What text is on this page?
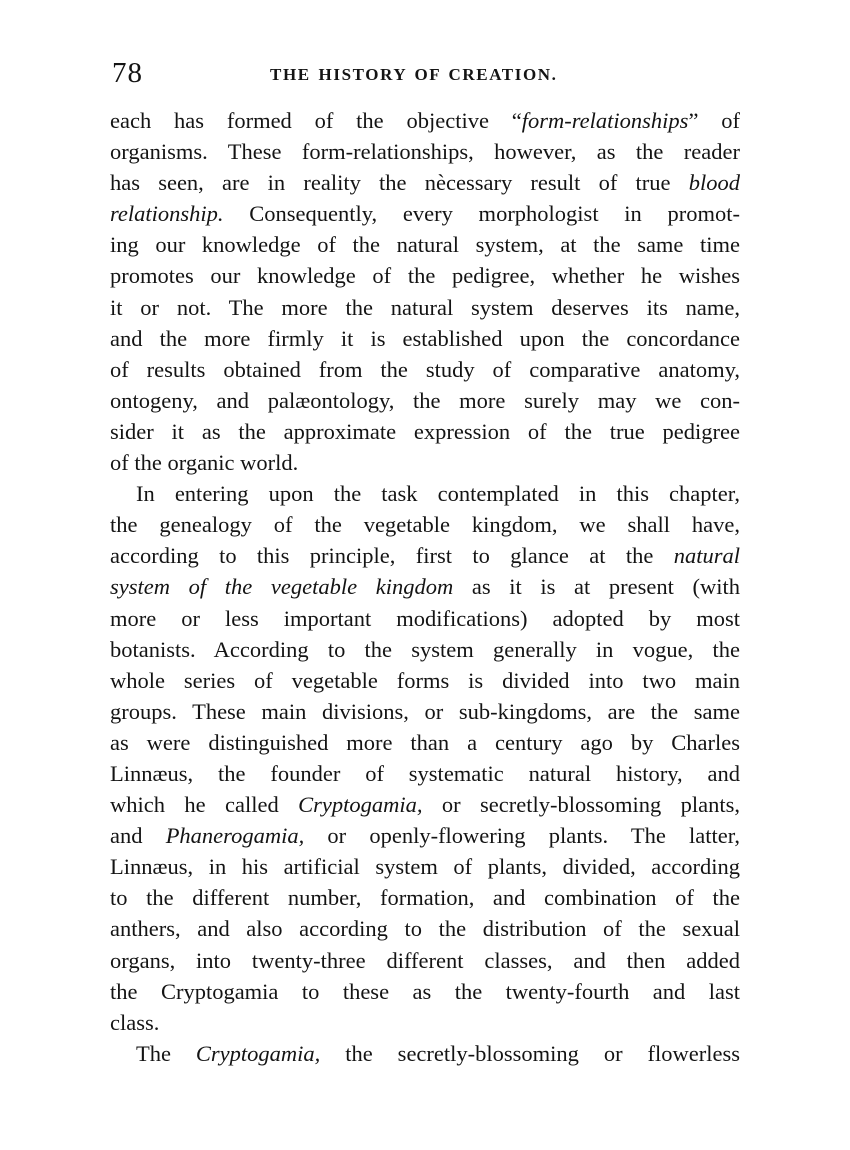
78	THE HISTORY OF CREATION.
each has formed of the objective “form-relationships” of
organisms. These form-relationships, however, as the reader
has seen, are in reality the nècessary result of true blood
relationship. Consequently, every morphologist in promot-
ing our knowledge of the natural system, at the same time
promotes our knowledge of the pedigree, whether he wishes
it or not. The more the natural system deserves its name,
and the more firmly it is established upon the concordance
of results obtained from the study of comparative anatomy,
ontogeny, and palæontology, the more surely may we con-
sider it as the approximate expression of the true pedigree
of the organic world.
In entering upon the task contemplated in this chapter,
the genealogy of the vegetable kingdom, we shall have,
according to this principle, first to glance at the natural
system of the vegetable kingdom as it is at present (with
more or less important modifications) adopted by most
botanists. According to the system generally in vogue, the
whole series of vegetable forms is divided into two main
groups. These main divisions, or sub-kingdoms, are the same
as were distinguished more than a century ago by Charles
Linnæus, the founder of systematic natural history, and
which he called Cryptogamia, or secretly-blossoming plants,
and Phanerogamia, or openly-flowering plants. The latter,
Linnæus, in his artificial system of plants, divided, according
to the different number, formation, and combination of the
anthers, and also according to the distribution of the sexual
organs, into twenty-three different classes, and then added
the Cryptogamia to these as the twenty-fourth and last
class.
The Cryptogamia, the secretly-blossoming or flowerless
